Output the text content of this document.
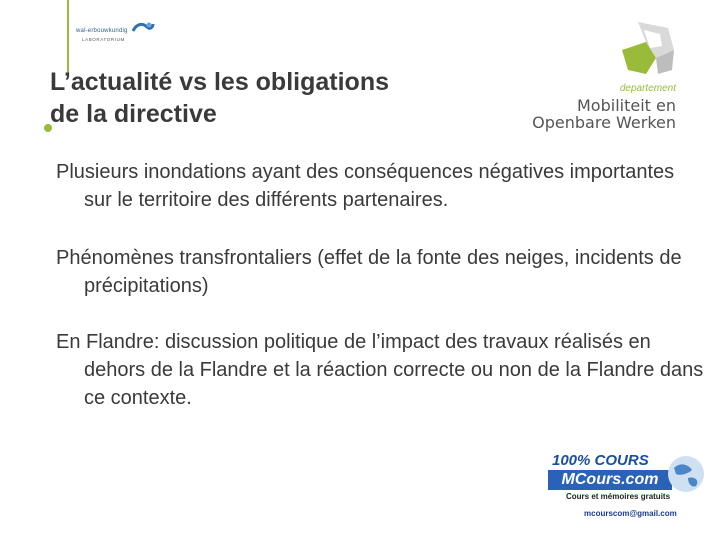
wal-erbouwkundig
LABORATORIUM
L’actualité vs les obligations
de la directive
departement
Mobiliteit en
Openbare Werken
Plusieurs inondations ayant des conséquences négatives importantes sur le territoire des différents partenaires.
Phénomènes transfrontaliers (effet de la fonte des neiges, incidents de précipitations)
En Flandre: discussion politique de l’impact des travaux réalisés en dehors de la Flandre et la réaction correcte ou non de la Flandre dans ce contexte.
100% COURS
MCours.com
Cours et mémoires gratuits
mcourscom@gmail.com
